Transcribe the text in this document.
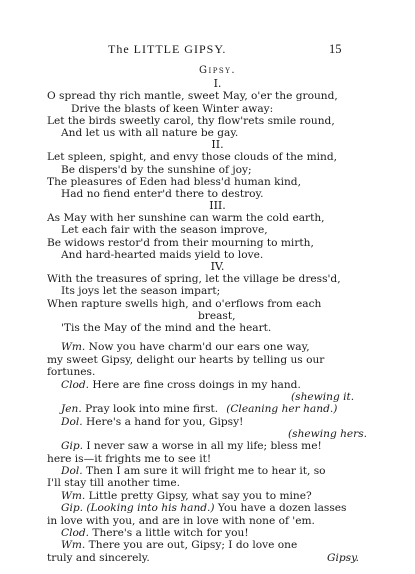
The LITTLE GIPSY.	15
Gipsy.
I.
O spread thy rich mantle, sweet May, o'er the ground,
Drive the blasts of keen Winter away:
Let the birds sweetly carol, thy flow'rets smile round,
And let us with all nature be gay.
II.
Let spleen, spight, and envy those clouds of the mind,
Be dispers'd by the sunshine of joy;
The pleasures of Eden had bless'd human kind,
Had no fiend enter'd there to destroy.
III.
As May with her sunshine can warm the cold earth,
Let each fair with the season improve,
Be widows restor'd from their mourning to mirth,
And hard-hearted maids yield to love.
IV.
With the treasures of spring, let the village be dress'd,
Its joys let the season impart;
When rapture swells high, and o'erflows from each
breast,
'Tis the May of the mind and the heart.
Wm. Now you have charm'd our ears one way,
my sweet Gipsy, delight our hearts by telling us our
fortunes.
Clod. Here are fine cross doings in my hand.
(shewing it.
Jen. Pray look into mine first. (Cleaning her hand.)
Dol. Here's a hand for you, Gipsy!
(shewing hers.
Gip. I never saw a worse in all my life; bless me!
here is—it frights me to see it!
Dol. Then I am sure it will fright me to hear it, so
I'll stay till another time.
Wm. Little pretty Gipsy, what say you to mine?
Gip. (Looking into his hand.) You have a dozen lasses
in love with you, and are in love with none of 'em.
Clod. There's a little witch for you!
Wm. There you are out, Gipsy; I do love one
truly and sincerely.	Gipsy.
